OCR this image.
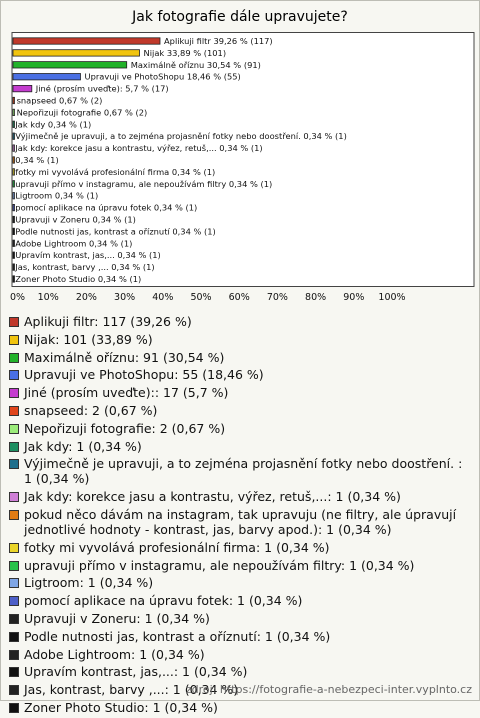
Jak fotografie dále upravujete?
Aplikuji filtr 39,26 % (117)
Nijak 33,89 % (101)
Maximálně oříznu 30,54 % (91)
Upravuji ve PhotoShopu 18,46 % (55)
Jiné (prosím uveďte): 5,7 % (17)
snapseed 0,67 % (2)
Nepořizuji fotografie 0,67 % (2)
Jak kdy 0,34 % (1)
Výjimečně je upravuji, a to zejména projasnění fotky nebo doostření. 0,34 % (1)
Jak kdy: korekce jasu a kontrastu, výřez, retuš,... 0,34 % (1)
0,34 % (1)
fotky mi vyvolává profesionální firma 0,34 % (1)
upravuji přímo v instagramu, ale nepoužívám filtry 0,34 % (1)
Ligtroom 0,34 % (1)
pomocí aplikace na úpravu fotek 0,34 % (1)
Upravuji v Zoneru 0,34 % (1)
Podle nutnosti jas, kontrast a oříznutí 0,34 % (1)
Adobe Lightroom 0,34 % (1)
Upravím kontrast, jas,... 0,34 % (1)
Jas, kontrast, barvy ,... 0,34 % (1)
Zoner Photo Studio 0,34 % (1)
0% 10% 20% 30% 40% 50% 60% 70% 80% 90% 100%
Aplikuji filtr: 117 (39,26 %)
Nijak: 101 (33,89 %)
Maximálně oříznu: 91 (30,54 %)
Upravuji ve PhotoShopu: 55 (18,46 %)
Jiné (prosím uveďte):: 17 (5,7 %)
snapseed: 2 (0,67 %)
Nepořizuji fotografie: 2 (0,67 %)
Jak kdy: 1 (0,34 %)
Výjimečně je upravuji, a to zejména projasnění fotky nebo doostření. : 1 (0,34 %)
Jak kdy: korekce jasu a kontrastu, výřez, retuš,...: 1 (0,34 %)
pokud něco dávám na instagram, tak upravuju (ne filtry, ale úpravují jednotlivé hodnoty - kontrast, jas, barvy apod.): 1 (0,34 %)
fotky mi vyvolává profesionální firma: 1 (0,34 %)
upravuji přímo v instagramu, ale nepoužívám filtry: 1 (0,34 %)
Ligtroom: 1 (0,34 %)
pomocí aplikace na úpravu fotek: 1 (0,34 %)
Upravuji v Zoneru: 1 (0,34 %)
Podle nutnosti jas, kontrast a oříznutí: 1 (0,34 %)
Adobe Lightroom: 1 (0,34 %)
Upravím kontrast, jas,...: 1 (0,34 %)
Jas, kontrast, barvy ,...: 1 (0,34 %)
Zoner Photo Studio: 1 (0,34 %)
zdroj: https://fotografie-a-nebezpeci-inter.vyplnto.cz
